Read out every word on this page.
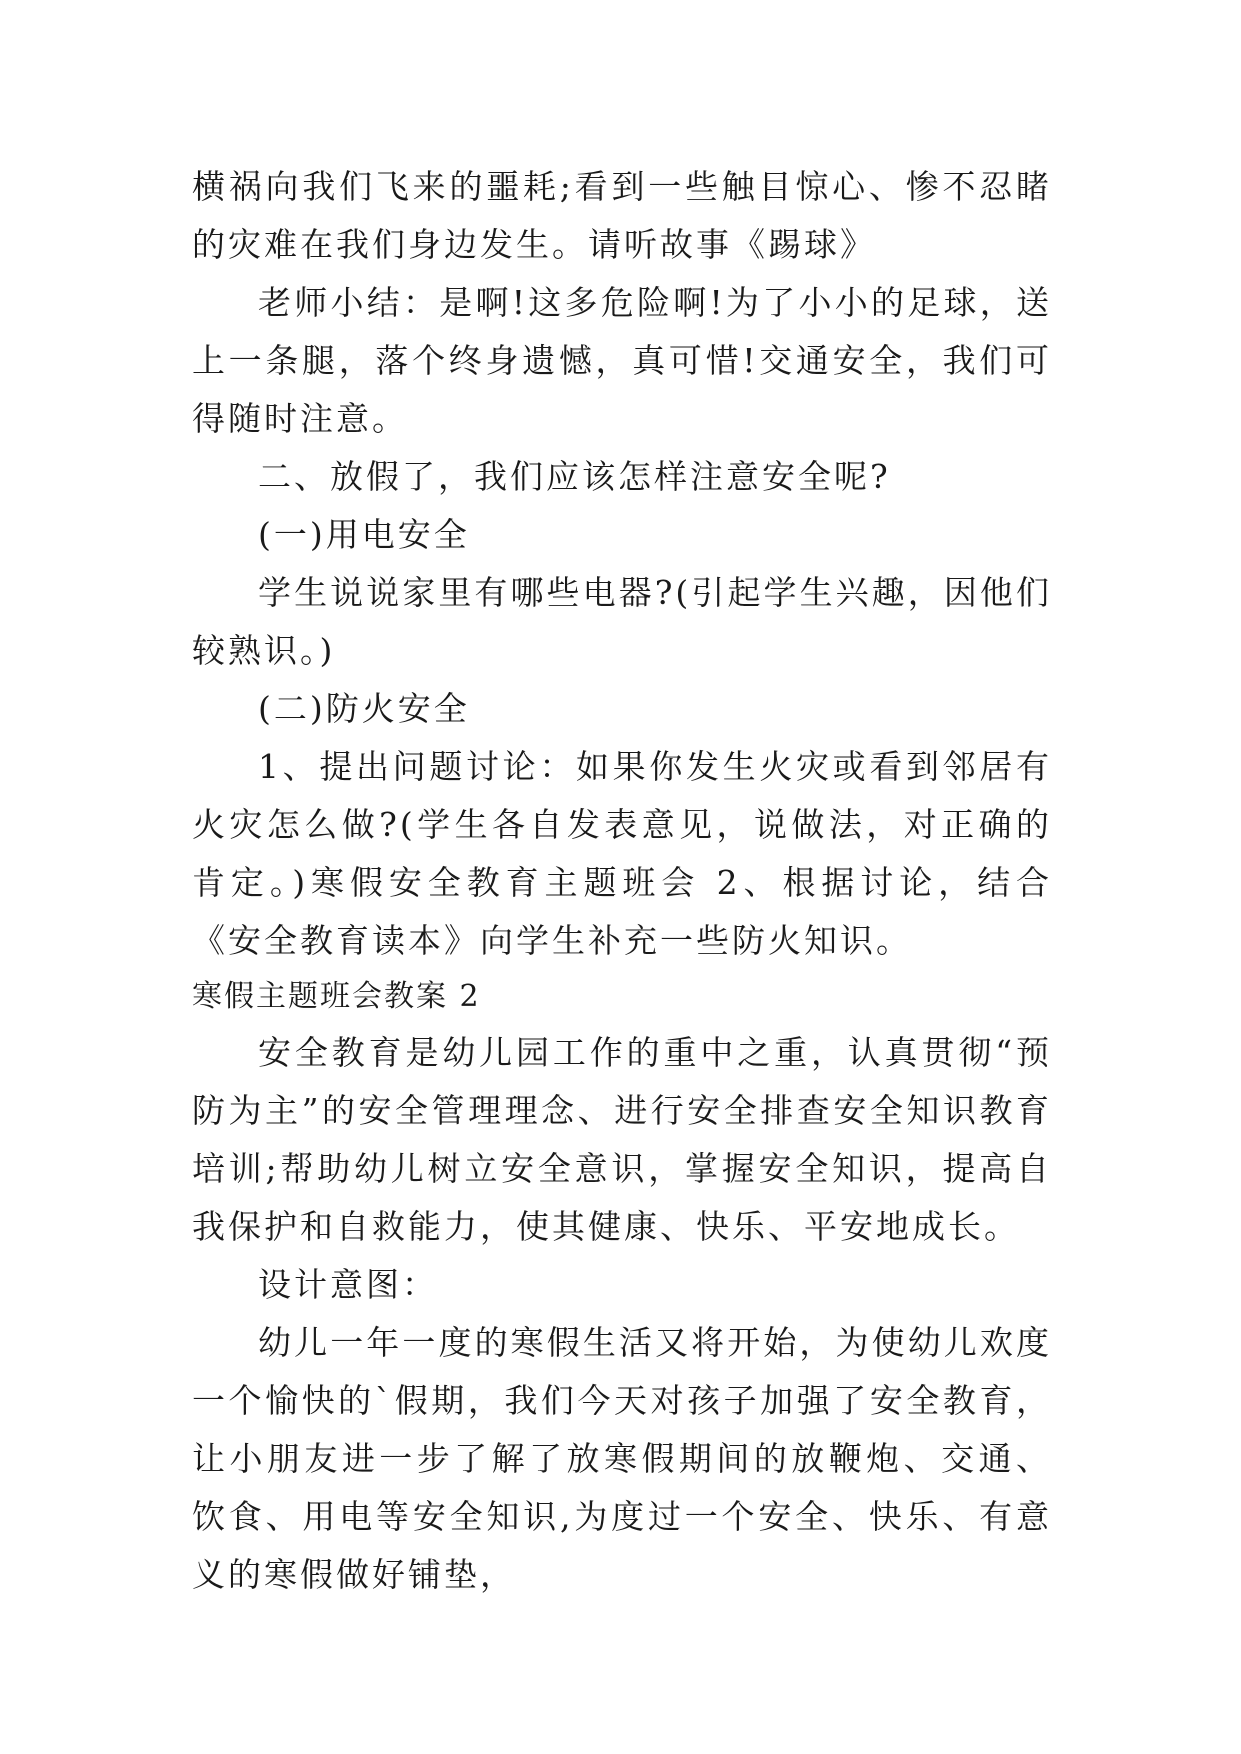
横祸向我们飞来的噩耗;看到一些触目惊心、惨不忍睹的灾难在我们身边发生。请听故事《踢球》

老师小结：是啊!这多危险啊!为了小小的足球，送上一条腿，落个终身遗憾，真可惜!交通安全，我们可得随时注意。

二、放假了，我们应该怎样注意安全呢?

(一)用电安全

学生说说家里有哪些电器?(引起学生兴趣，因他们较熟识。)

(二)防火安全

1、提出问题讨论：如果你发生火灾或看到邻居有火灾怎么做?(学生各自发表意见，说做法，对正确的肯定。)寒假安全教育主题班会 2、根据讨论，结合《安全教育读本》向学生补充一些防火知识。

寒假主题班会教案 2

安全教育是幼儿园工作的重中之重，认真贯彻“预防为主”的安全管理理念、进行安全排查安全知识教育培训;帮助幼儿树立安全意识，掌握安全知识，提高自我保护和自救能力，使其健康、快乐、平安地成长。

设计意图：

幼儿一年一度的寒假生活又将开始，为使幼儿欢度一个愉快的`假期，我们今天对孩子加强了安全教育，让小朋友进一步了解了放寒假期间的放鞭炮、交通、饮食、用电等安全知识,为度过一个安全、快乐、有意义的寒假做好铺垫，
